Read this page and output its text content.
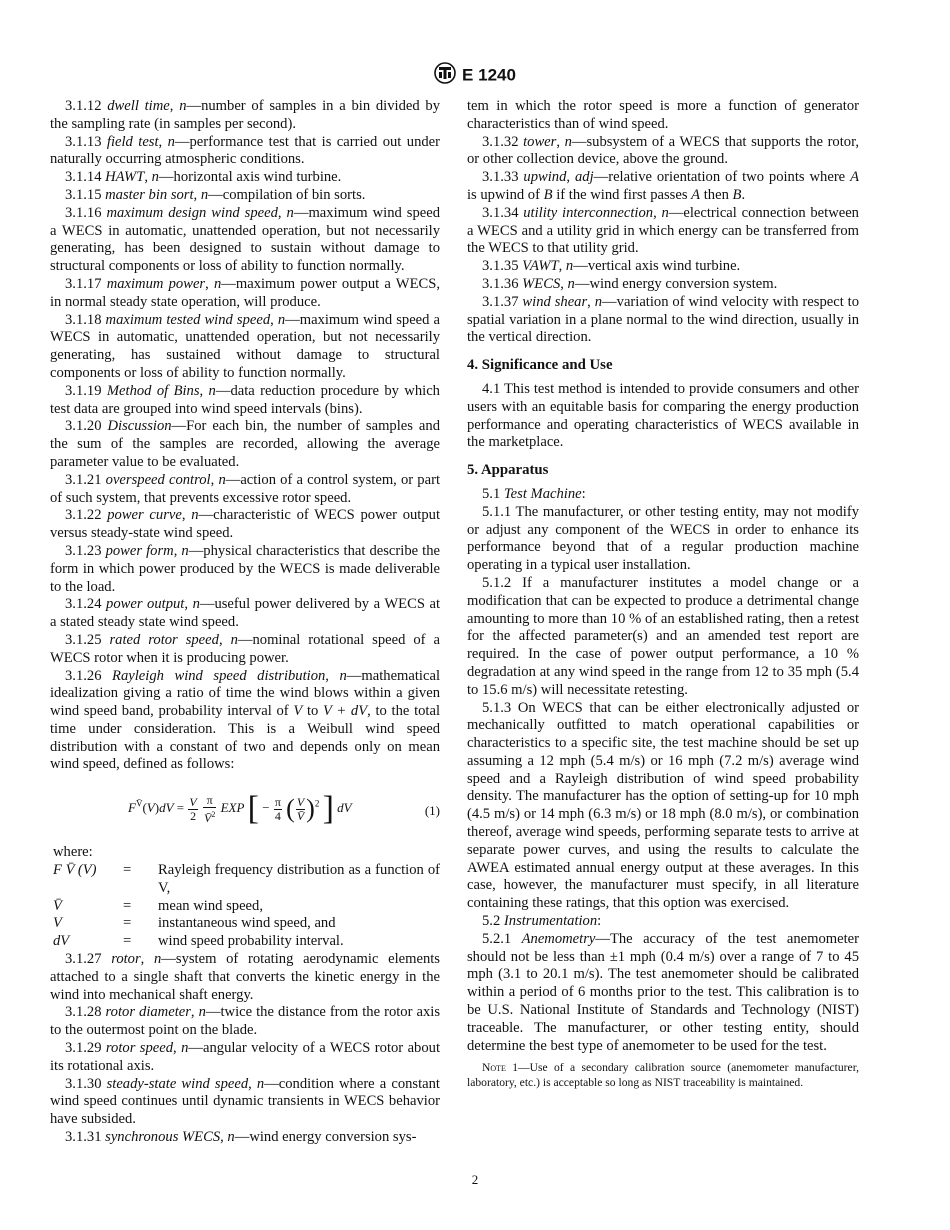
E 1240

3.1.12 dwell time, n—number of samples in a bin divided by the sampling rate (in samples per second).

3.1.13 field test, n—performance test that is carried out under naturally occurring atmospheric conditions.

3.1.14 HAWT, n—horizontal axis wind turbine.

3.1.15 master bin sort, n—compilation of bin sorts.

3.1.16 maximum design wind speed, n—maximum wind speed a WECS in automatic, unattended operation, but not necessarily generating, has been designed to sustain without damage to structural components or loss of ability to function normally.

3.1.17 maximum power, n—maximum power output a WECS, in normal steady state operation, will produce.

3.1.18 maximum tested wind speed, n—maximum wind speed a WECS in automatic, unattended operation, but not necessarily generating, has sustained without damage to structural components or loss of ability to function normally.

3.1.19 Method of Bins, n—data reduction procedure by which test data are grouped into wind speed intervals (bins).

3.1.20 Discussion—For each bin, the number of samples and the sum of the samples are recorded, allowing the average parameter value to be evaluated.

3.1.21 overspeed control, n—action of a control system, or part of such system, that prevents excessive rotor speed.

3.1.22 power curve, n—characteristic of WECS power output versus steady-state wind speed.

3.1.23 power form, n—physical characteristics that describe the form in which power produced by the WECS is made deliverable to the load.

3.1.24 power output, n—useful power delivered by a WECS at a stated steady state wind speed.

3.1.25 rated rotor speed, n—nominal rotational speed of a WECS rotor when it is producing power.

3.1.26 Rayleigh wind speed distribution, n—mathematical idealization giving a ratio of time the wind blows within a given wind speed band, probability interval of V to V + dV, to the total time under consideration. This is a Weibull wind speed distribution with a constant of two and depends only on mean wind speed, defined as follows:

$F^{V̄}(V)dV = \frac{V}{2}$
$\frac{\pi}{V̄^2}$ EXP [ − $\frac{\pi}{4}$ ( $\frac{V}{V̄} )^2$ ] dV	(1)

where:

F V̄ (V)	=	Rayleigh frequency distribution as a function of V,
V̄	=	mean wind speed,
V	=	instantaneous wind speed, and
dV	=	wind speed probability interval.

3.1.27 rotor, n—system of rotating aerodynamic elements attached to a single shaft that converts the kinetic energy in the wind into mechanical shaft energy.

3.1.28 rotor diameter, n—twice the distance from the rotor axis to the outermost point on the blade.

3.1.29 rotor speed, n—angular velocity of a WECS rotor about its rotational axis.

3.1.30 steady-state wind speed, n—condition where a constant wind speed continues until dynamic transients in WECS behavior have subsided.

3.1.31 synchronous WECS, n—wind energy conversion sys-

tem in which the rotor speed is more a function of generator characteristics than of wind speed.

3.1.32 tower, n—subsystem of a WECS that supports the rotor, or other collection device, above the ground.

3.1.33 upwind, adj—relative orientation of two points where A is upwind of B if the wind first passes A then B.

3.1.34 utility interconnection, n—electrical connection between a WECS and a utility grid in which energy can be transferred from the WECS to that utility grid.

3.1.35 VAWT, n—vertical axis wind turbine.

3.1.36 WECS, n—wind energy conversion system.

3.1.37 wind shear, n—variation of wind velocity with respect to spatial variation in a plane normal to the wind direction, usually in the vertical direction.

4. Significance and Use

4.1 This test method is intended to provide consumers and other users with an equitable basis for comparing the energy production performance and operating characteristics of WECS available in the marketplace.

5. Apparatus

5.1 Test Machine:

5.1.1 The manufacturer, or other testing entity, may not modify or adjust any component of the WECS in order to enhance its performance beyond that of a regular production machine operating in a typical user installation.

5.1.2 If a manufacturer institutes a model change or a modification that can be expected to produce a detrimental change amounting to more than 10 % of an established rating, then a retest for the affected parameter(s) and an amended test report are required. In the case of power output performance, a 10 % degradation at any wind speed in the range from 12 to 35 mph (5.4 to 15.6 m/s) will necessitate retesting.

5.1.3 On WECS that can be either electronically adjusted or mechanically outfitted to match operational capabilities or characteristics to a specific site, the test machine should be set up assuming a 12 mph (5.4 m/s) or 16 mph (7.2 m/s) average wind speed and a Rayleigh distribution of wind speed probability density. The manufacturer has the option of setting-up for 10 mph (4.5 m/s) or 14 mph (6.3 m/s) or 18 mph (8.0 m/s), or combination thereof, average wind speeds, performing separate tests to arrive at separate power curves, and using the results to calculate the AWEA estimated annual energy output at these averages. In this case, however, the manufacturer must specify, in all literature containing these ratings, that this option was exercised.

5.2 Instrumentation:

5.2.1 Anemometry—The accuracy of the test anemometer should not be less than ±1 mph (0.4 m/s) over a range of 7 to 45 mph (3.1 to 20.1 m/s). The test anemometer should be calibrated within a period of 6 months prior to the test. This calibration is to be U.S. National Institute of Standards and Technology (NIST) traceable. The manufacturer, or other testing entity, should determine the best type of anemometer to be used for the test.

Note 1—Use of a secondary calibration source (anemometer manufacturer, laboratory, etc.) is acceptable so long as NIST traceability is maintained.

2
